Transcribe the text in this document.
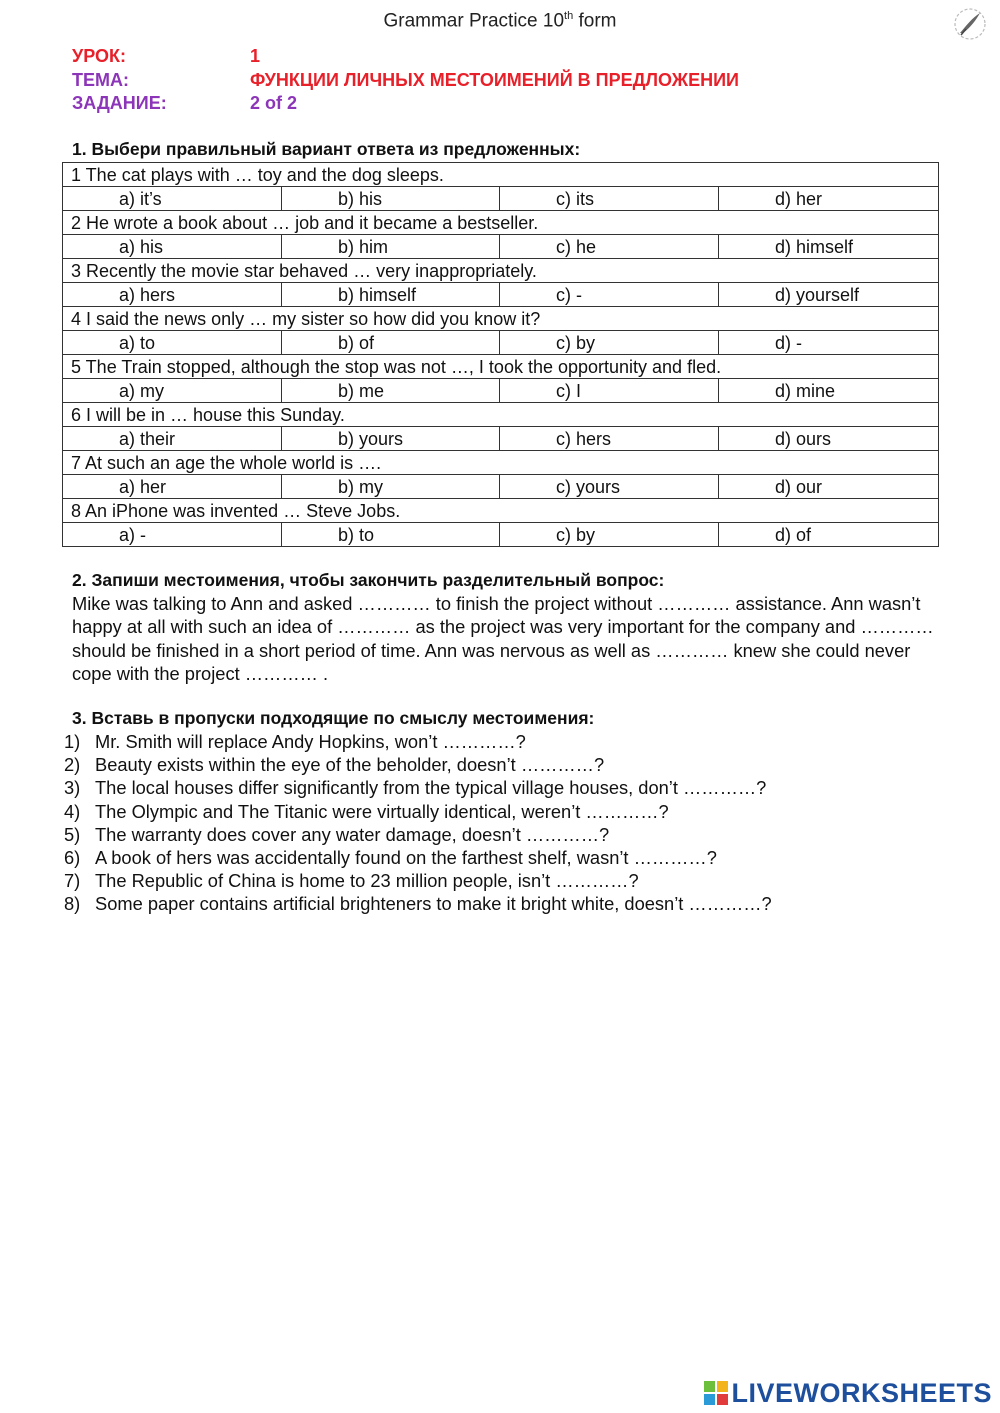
Grammar Practice 10th form
УРОК:	1
ТЕМА:	ФУНКЦИИ ЛИЧНЫХ МЕСТОИМЕНИЙ В ПРЕДЛОЖЕНИИ
ЗАДАНИЕ:	2 of 2
1. Выбери правильный вариант ответа из предложенных:
1 The cat plays with … toy and the dog sleeps.			
a) it’s	b) his	c) its	d) her
2 He wrote a book about … job and it became a bestseller.			
a) his	b) him	c) he	d) himself
3 Recently the movie star behaved … very inappropriately.			
a) hers	b) himself	c) -	d) yourself
4 I said the news only … my sister so how did you know it?			
a) to	b) of	c) by	d) -
5 The Train stopped, although the stop was not …, I took the opportunity and fled.			
a) my	b) me	c) I	d) mine
6 I will be in … house this Sunday.			
a) their	b) yours	c) hers	d) ours
7 At such an age the whole world is ….			
a) her	b) my	c) yours	d) our
8 An iPhone was invented … Steve Jobs.			
a) -	b) to	c) by	d) of
2. Запиши местоимения, чтобы закончить разделительный вопрос:
Mike was talking to Ann and asked ………… to finish the project without ………… assistance. Ann wasn’t happy at all with such an idea of ………… as the project was very important for the company and ………… should be finished in a short period of time. Ann was nervous as well as ………… knew she could never cope with the project ………… .
3. Вставь в пропуски подходящие по смыслу местоимения:
1) Mr. Smith will replace Andy Hopkins, won’t …………?
2) Beauty exists within the eye of the beholder, doesn’t …………?
3) The local houses differ significantly from the typical village houses, don’t …………?
4) The Olympic and The Titanic were virtually identical, weren’t …………?
5) The warranty does cover any water damage, doesn’t …………?
6) A book of hers was accidentally found on the farthest shelf, wasn’t …………?
7) The Republic of China is home to 23 million people, isn’t …………?
8) Some paper contains artificial brighteners to make it bright white, doesn’t …………?
LIVEWORKSHEETS
